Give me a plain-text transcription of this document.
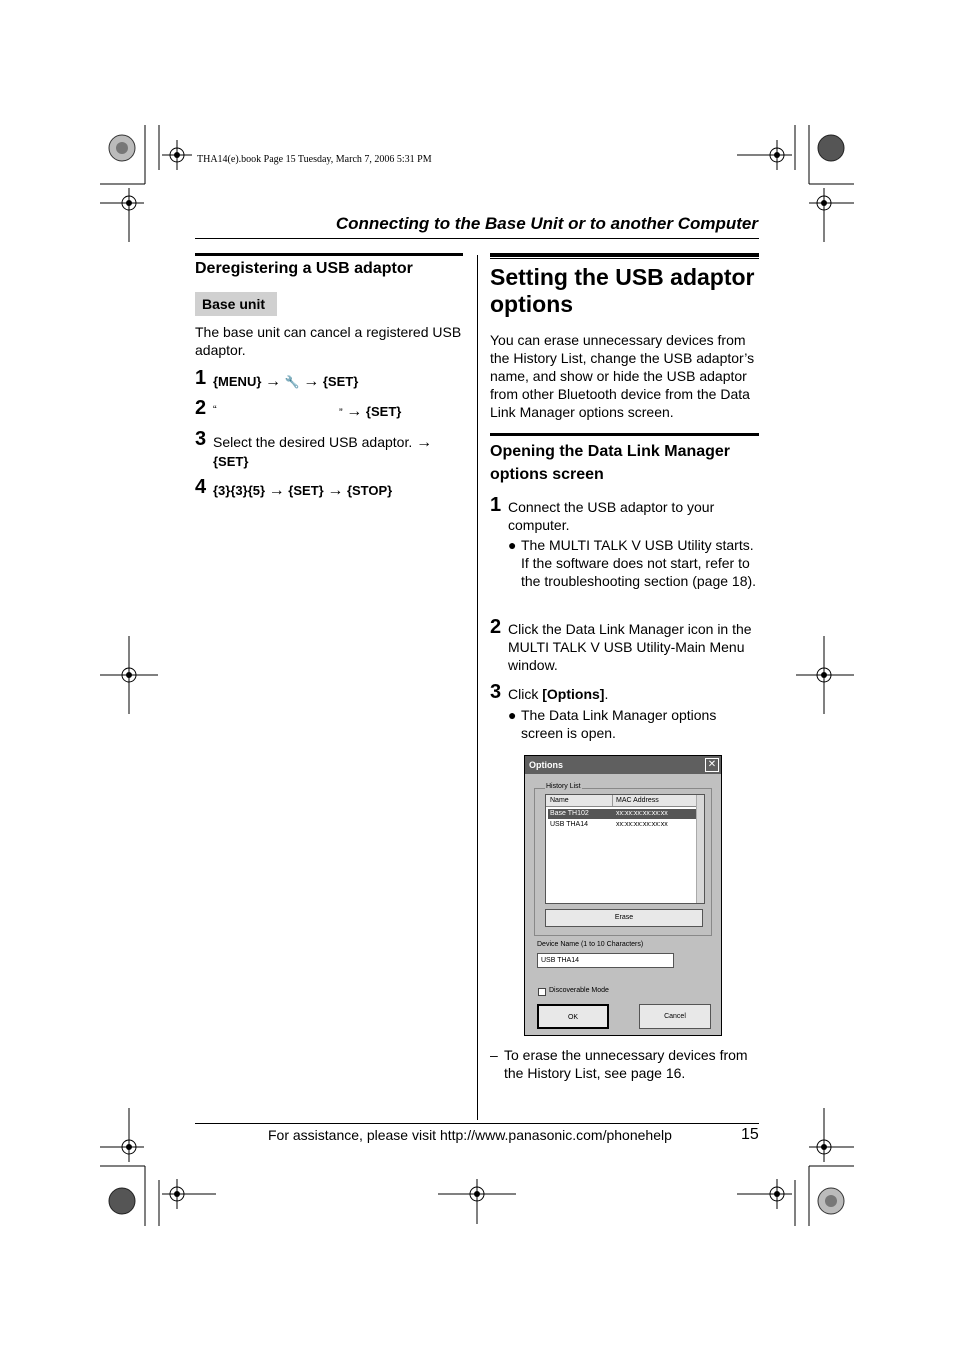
THA14(e).book Page 15 Tuesday, March 7, 2006 5:31 PM
Connecting to the Base Unit or to another Computer
Deregistering a USB adaptor
Base unit
The base unit can cancel a registered USB adaptor.
1 {MENU} → 🔧 → {SET}
2 “	” → {SET}
3 Select the desired USB adaptor. →
{SET}
4 {3}{3}{5} → {SET} → {STOP}
Setting the USB adaptor options
You can erase unnecessary devices from the History List, change the USB adaptor’s name, and show or hide the USB adaptor from other Bluetooth device from the Data Link Manager options screen.
Opening the Data Link Manager options screen
1 Connect the USB adaptor to your computer.
● The MULTI TALK V USB Utility starts. If the software does not start, refer to the troubleshooting section (page 18).
2 Click the Data Link Manager icon in the MULTI TALK V USB Utility-Main Menu window.
3 Click [Options].
● The Data Link Manager options screen is open.
Options	✕
History List
Name	MAC Address
Base TH102	xx:xx:xx:xx:xx:xx
USB THA14	xx:xx:xx:xx:xx:xx
Erase
Device Name (1 to 10 Characters)
USB THA14
Discoverable Mode
OK	Cancel
– To erase the unnecessary devices from the History List, see page 16.
For assistance, please visit http://www.panasonic.com/phonehelp	15
